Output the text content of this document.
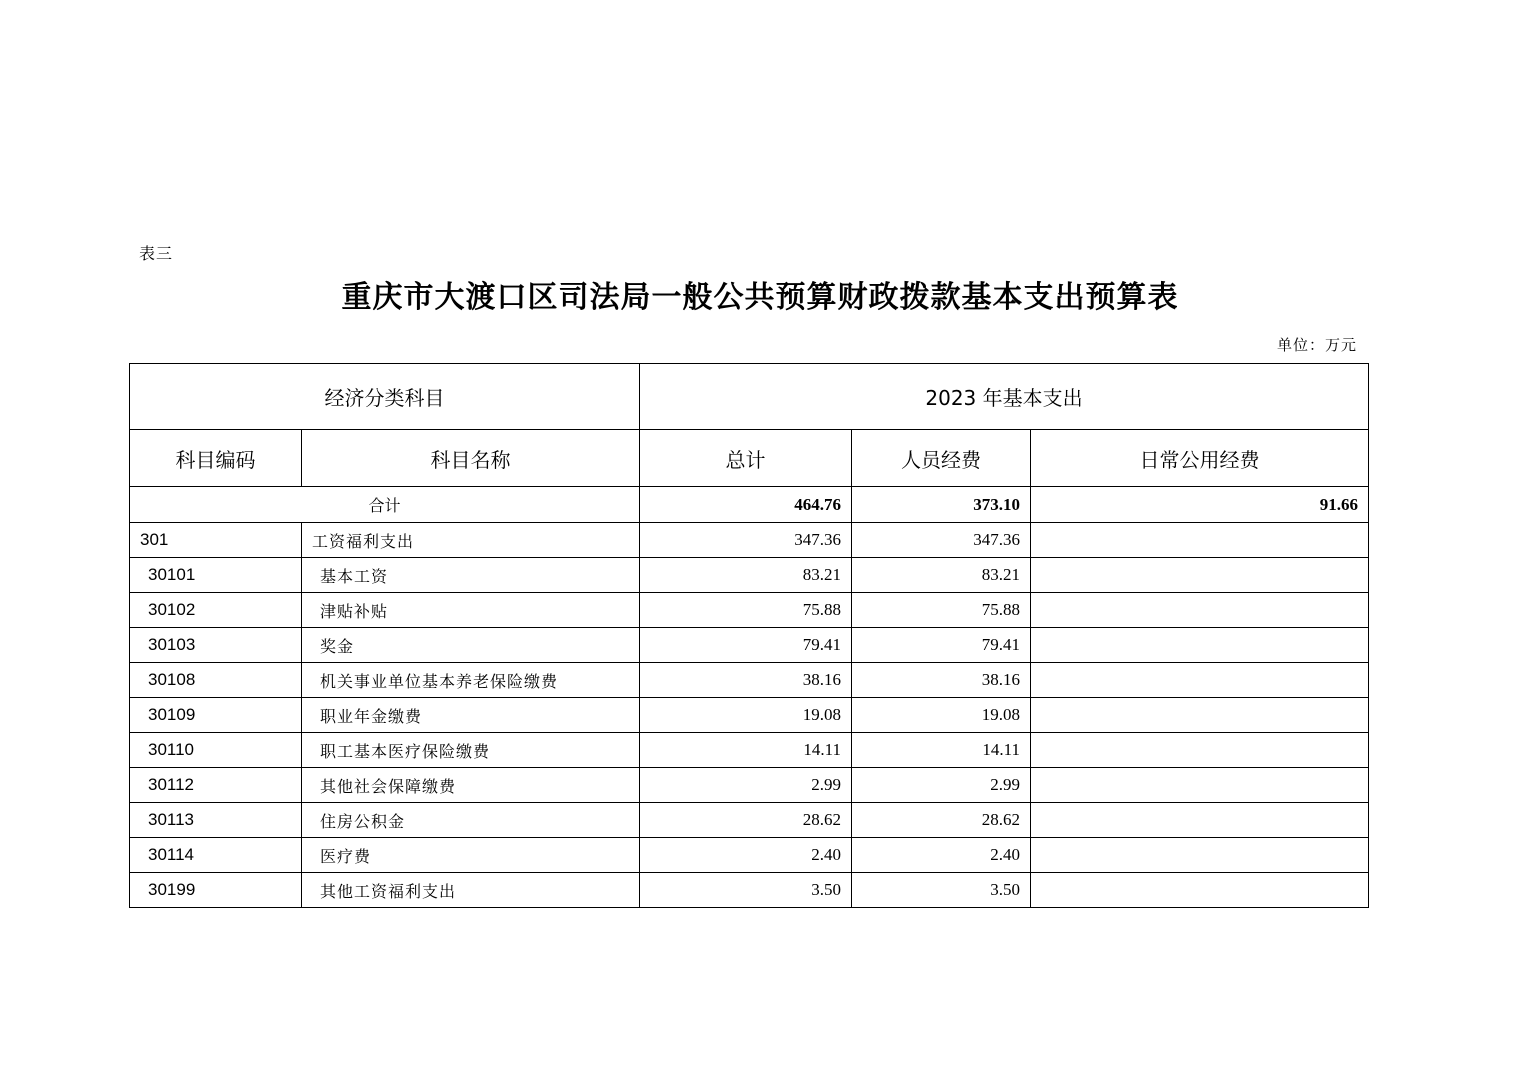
表三
重庆市大渡口区司法局一般公共预算财政拨款基本支出预算表
单位：万元
经济分类科目		2023 年基本支出		
科目编码	科目名称	总计	人员经费	日常公用经费
合计		464.76	373.10	91.66
301	工资福利支出	347.36	347.36	
30101	基本工资	83.21	83.21	
30102	津贴补贴	75.88	75.88	
30103	奖金	79.41	79.41	
30108	机关事业单位基本养老保险缴费	38.16	38.16	
30109	职业年金缴费	19.08	19.08	
30110	职工基本医疗保险缴费	14.11	14.11	
30112	其他社会保障缴费	2.99	2.99	
30113	住房公积金	28.62	28.62	
30114	医疗费	2.40	2.40	
30199	其他工资福利支出	3.50	3.50	
